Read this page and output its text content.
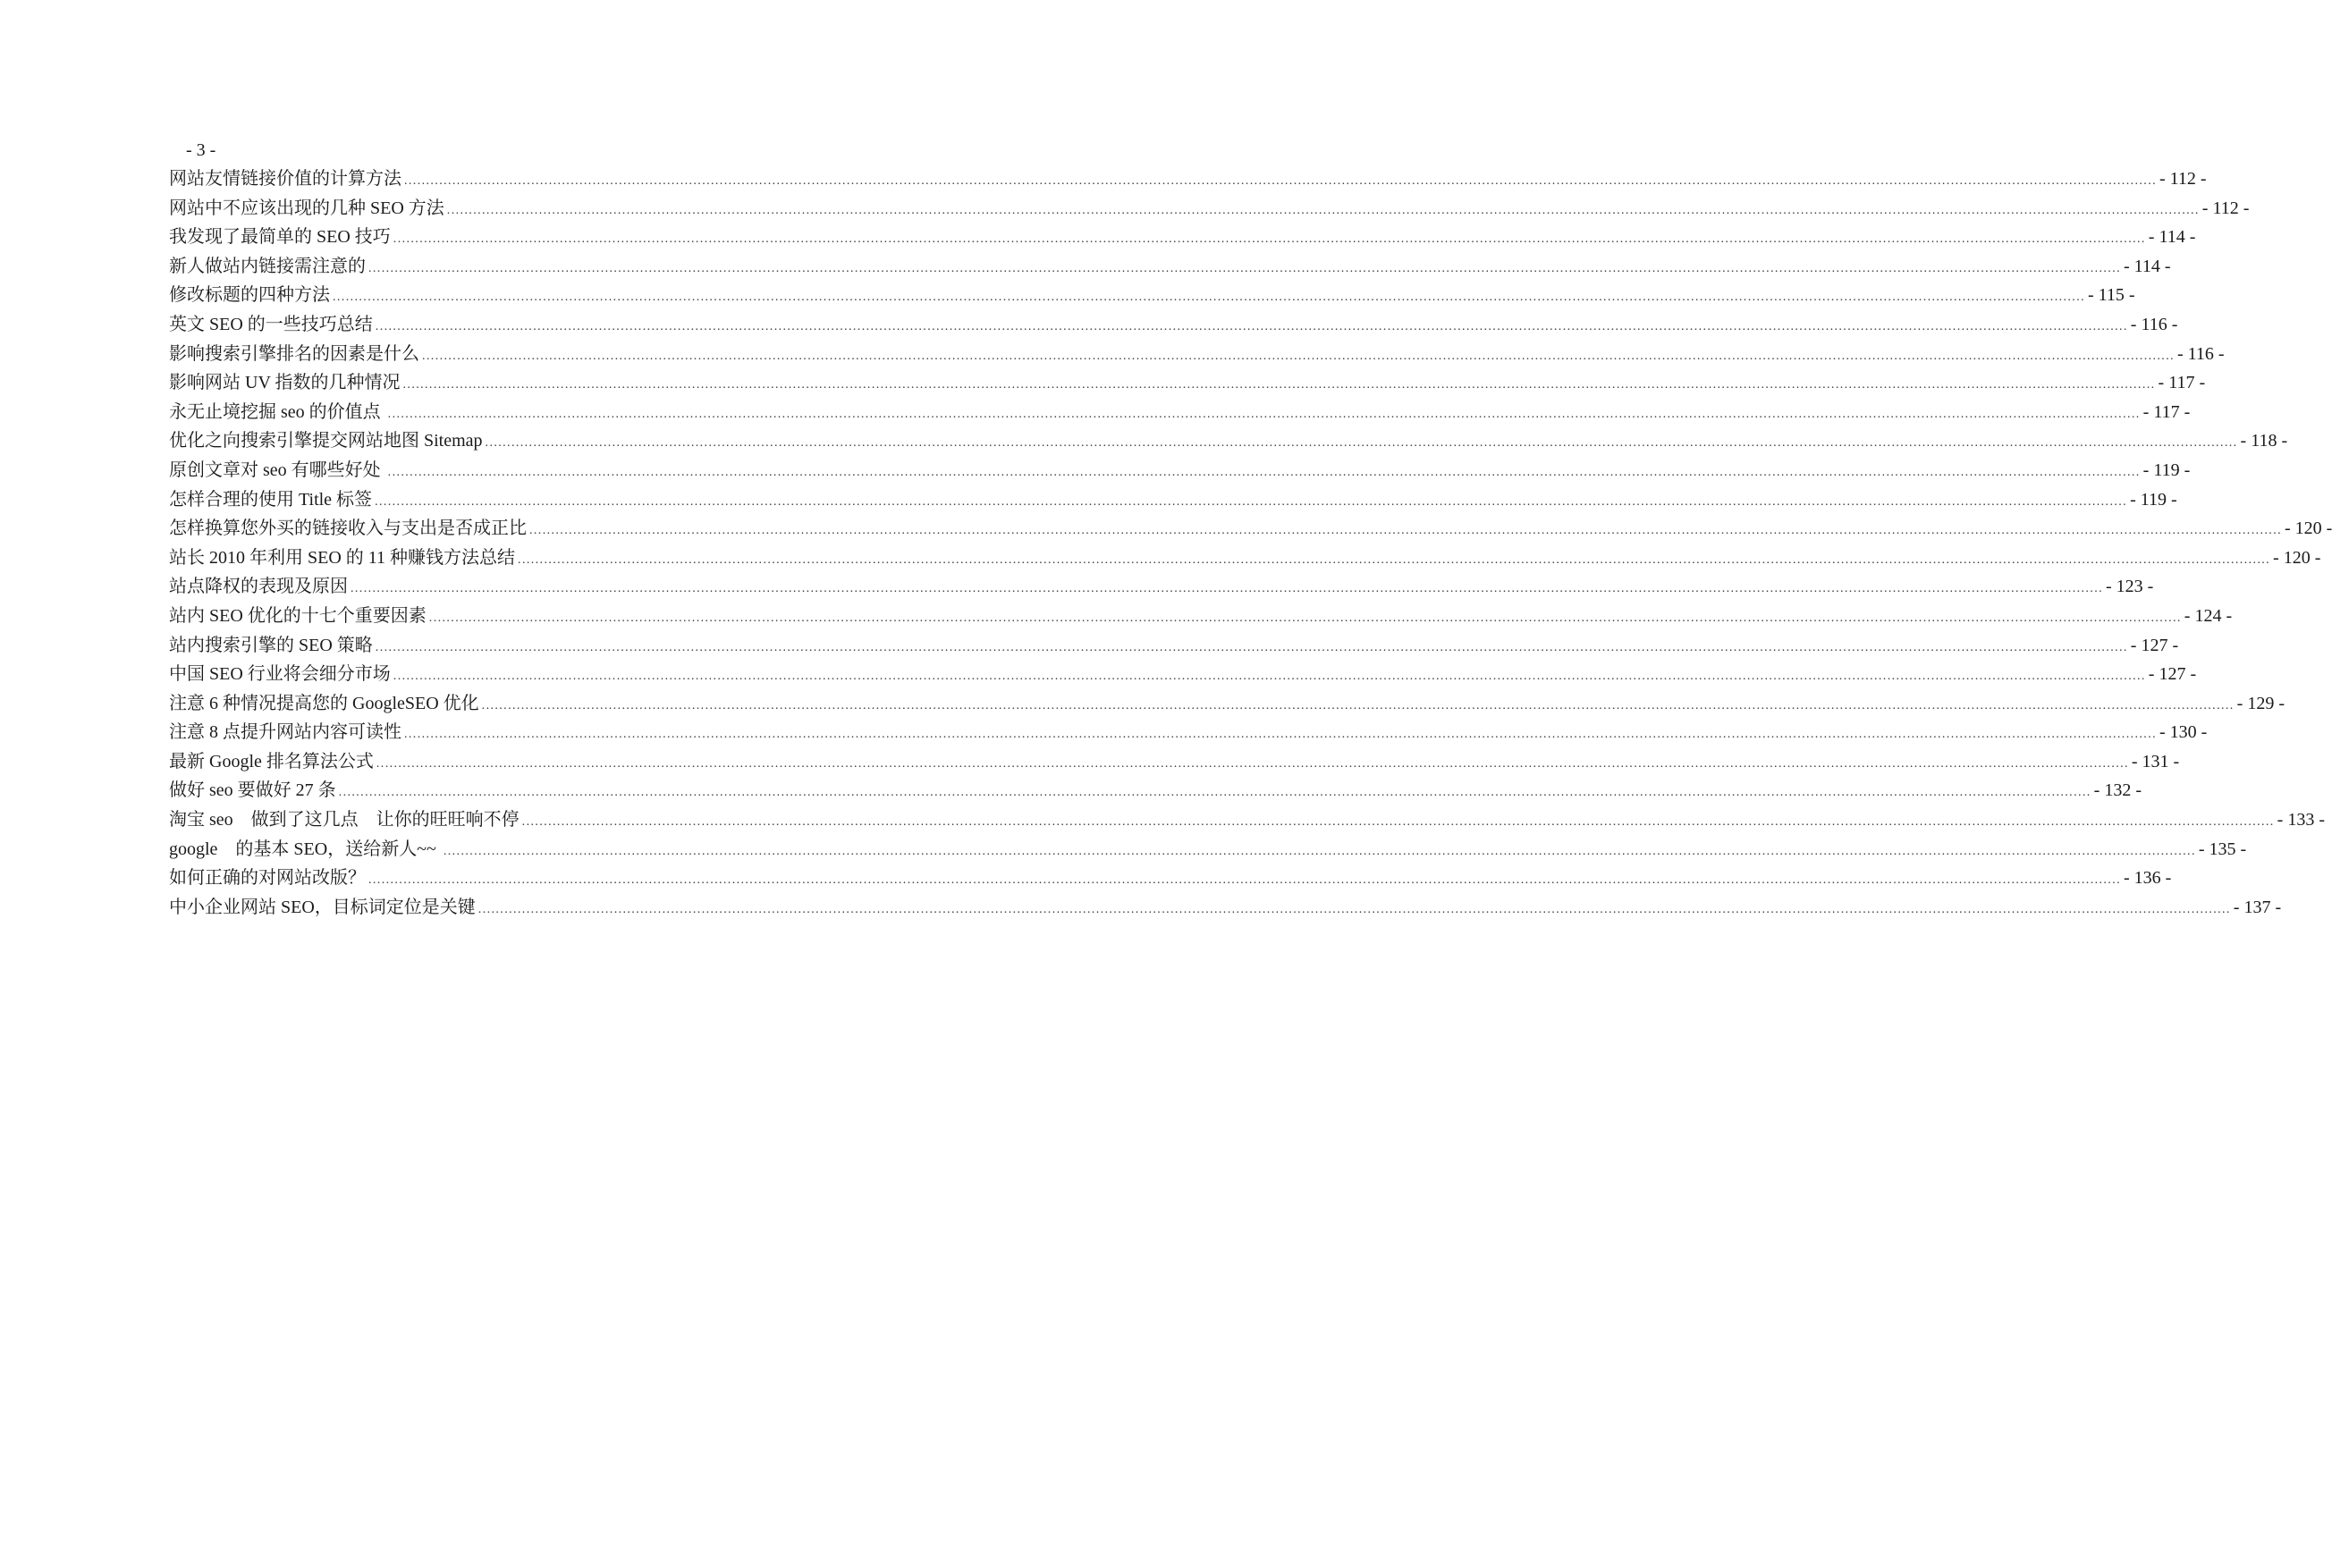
- 3 -
网站友情链接价值的计算方法 ................................................................................................................................................................................................................................................................................................................................................................................................................ - 112 -
网站中不应该出现的几种 SEO 方法 ................................................................................................................................................................................................................................................................................................................................................................................................................ - 112 -
我发现了最简单的 SEO 技巧 ................................................................................................................................................................................................................................................................................................................................................................................................................ - 114 -
新人做站内链接需注意的 ................................................................................................................................................................................................................................................................................................................................................................................................................ - 114 -
修改标题的四种方法 ................................................................................................................................................................................................................................................................................................................................................................................................................ - 115 -
英文 SEO 的一些技巧总结 ................................................................................................................................................................................................................................................................................................................................................................................................................ - 116 -
影响搜索引擎排名的因素是什么 ................................................................................................................................................................................................................................................................................................................................................................................................................ - 116 -
影响网站 UV 指数的几种情况 ................................................................................................................................................................................................................................................................................................................................................................................................................ - 117 -
永无止境挖掘 seo 的价值点 ................................................................................................................................................................................................................................................................................................................................................................................................................ - 117 -
优化之向搜索引擎提交网站地图 Sitemap ................................................................................................................................................................................................................................................................................................................................................................................................................ - 118 -
原创文章对 seo 有哪些好处 ................................................................................................................................................................................................................................................................................................................................................................................................................ - 119 -
怎样合理的使用 Title 标签 ................................................................................................................................................................................................................................................................................................................................................................................................................ - 119 -
怎样换算您外买的链接收入与支出是否成正比 ................................................................................................................................................................................................................................................................................................................................................................................................................ - 120 -
站长 2010 年利用 SEO 的 11 种赚钱方法总结 ................................................................................................................................................................................................................................................................................................................................................................................................................ - 120 -
站点降权的表现及原因 ................................................................................................................................................................................................................................................................................................................................................................................................................ - 123 -
站内 SEO 优化的十七个重要因素 ................................................................................................................................................................................................................................................................................................................................................................................................................ - 124 -
站内搜索引擎的 SEO 策略 ................................................................................................................................................................................................................................................................................................................................................................................................................ - 127 -
中国 SEO 行业将会细分市场 ................................................................................................................................................................................................................................................................................................................................................................................................................ - 127 -
注意 6 种情况提高您的 GoogleSEO 优化 ................................................................................................................................................................................................................................................................................................................................................................................................................ - 129 -
注意 8 点提升网站内容可读性 ................................................................................................................................................................................................................................................................................................................................................................................................................ - 130 -
最新 Google 排名算法公式 ................................................................................................................................................................................................................................................................................................................................................................................................................ - 131 -
做好 seo 要做好 27 条 ................................................................................................................................................................................................................................................................................................................................................................................................................ - 132 -
淘宝 seo　做到了这几点　让你的旺旺响不停 ................................................................................................................................................................................................................................................................................................................................................................................................................ - 133 -
google　的基本 SEO，送给新人~~ ................................................................................................................................................................................................................................................................................................................................................................................................................ - 135 -
如何正确的对网站改版？ ................................................................................................................................................................................................................................................................................................................................................................................................................ - 136 -
中小企业网站 SEO，目标词定位是关键 ................................................................................................................................................................................................................................................................................................................................................................................................................ - 137 -
